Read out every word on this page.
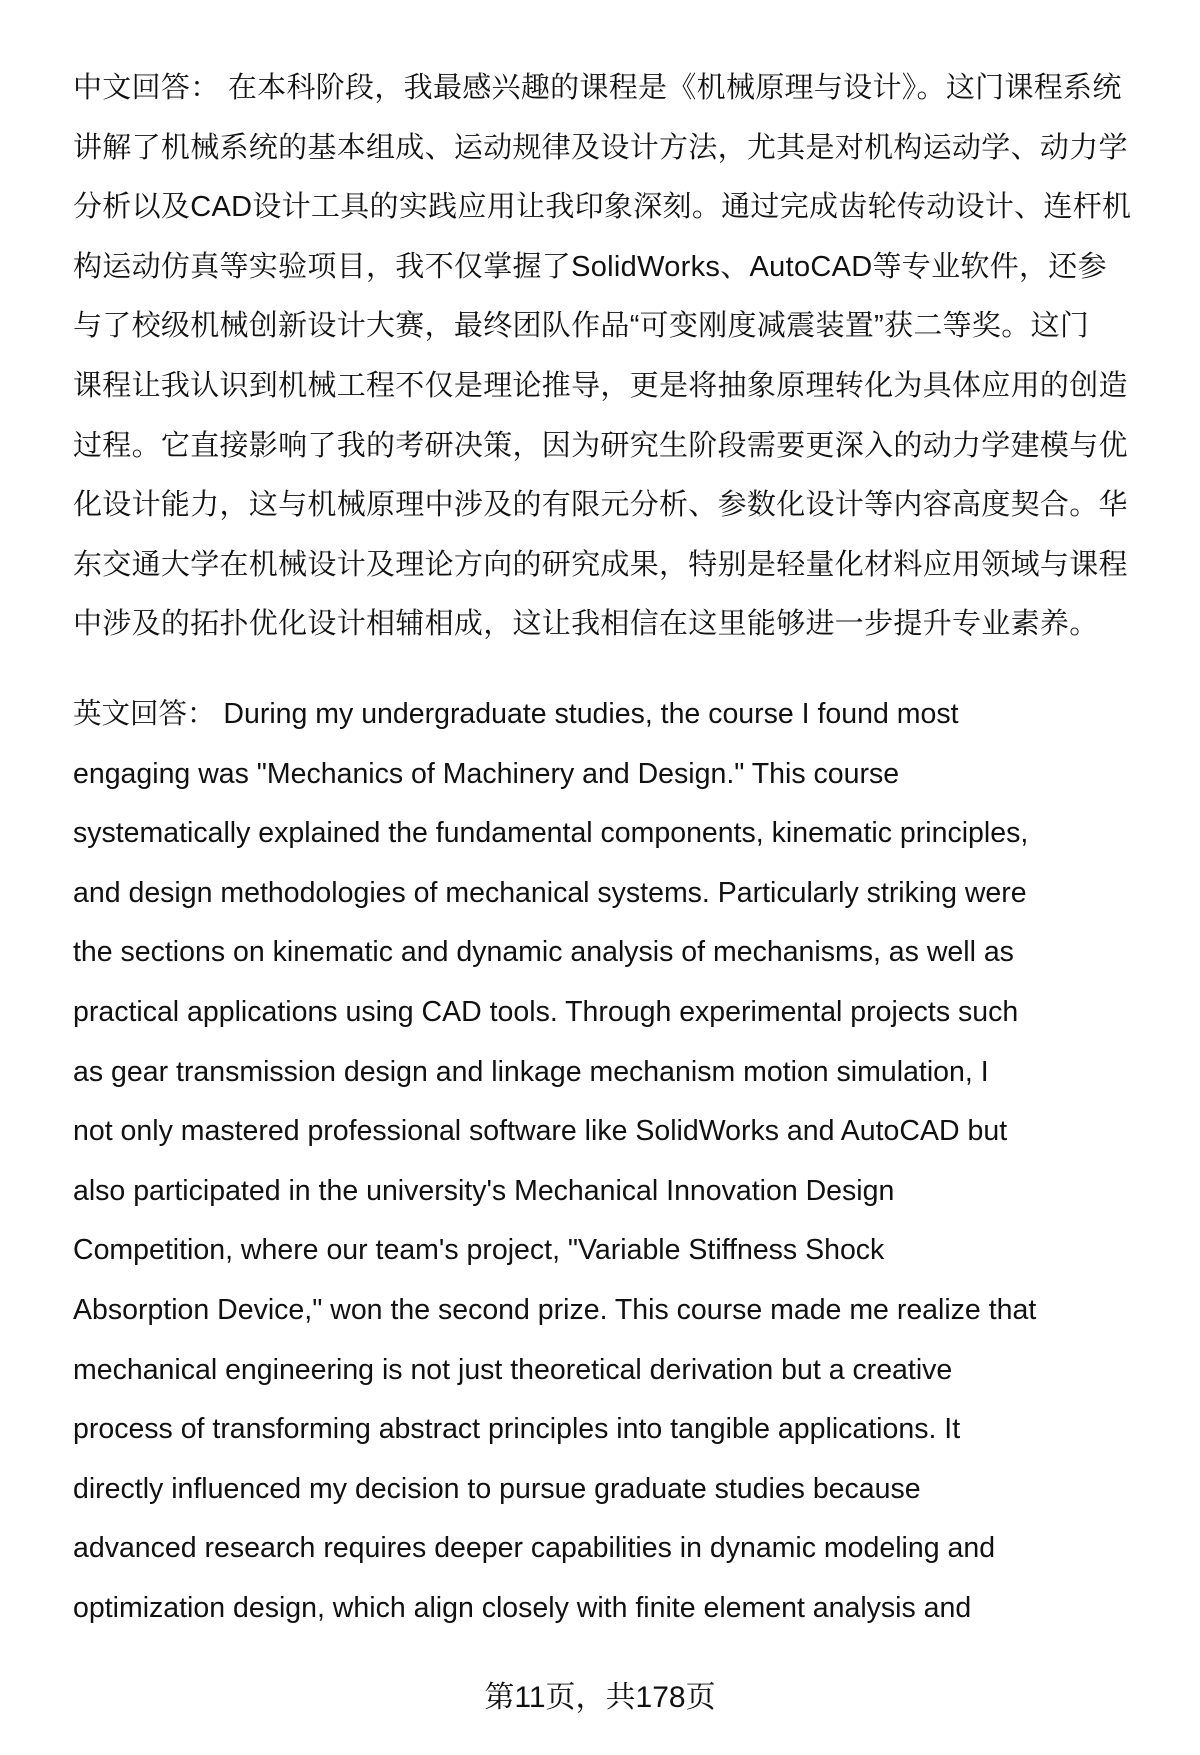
中文回答： 在本科阶段，我最感兴趣的课程是《机械原理与设计》。这门课程系统
讲解了机械系统的基本组成、运动规律及设计方法，尤其是对机构运动学、动力学
分析以及CAD设计工具的实践应用让我印象深刻。通过完成齿轮传动设计、连杆机
构运动仿真等实验项目，我不仅掌握了SolidWorks、AutoCAD等专业软件，还参
与了校级机械创新设计大赛，最终团队作品“可变刚度减震装置”获二等奖。这门
课程让我认识到机械工程不仅是理论推导，更是将抽象原理转化为具体应用的创造
过程。它直接影响了我的考研决策，因为研究生阶段需要更深入的动力学建模与优
化设计能力，这与机械原理中涉及的有限元分析、参数化设计等内容高度契合。华
东交通大学在机械设计及理论方向的研究成果，特别是轻量化材料应用领域与课程
中涉及的拓扑优化设计相辅相成，这让我相信在这里能够进一步提升专业素养。
英文回答： During my undergraduate studies, the course I found most
engaging was "Mechanics of Machinery and Design." This course
systematically explained the fundamental components, kinematic principles,
and design methodologies of mechanical systems. Particularly striking were
the sections on kinematic and dynamic analysis of mechanisms, as well as
practical applications using CAD tools. Through experimental projects such
as gear transmission design and linkage mechanism motion simulation, I
not only mastered professional software like SolidWorks and AutoCAD but
also participated in the university's Mechanical Innovation Design
Competition, where our team's project, "Variable Stiffness Shock
Absorption Device," won the second prize. This course made me realize that
mechanical engineering is not just theoretical derivation but a creative
process of transforming abstract principles into tangible applications. It
directly influenced my decision to pursue graduate studies because
advanced research requires deeper capabilities in dynamic modeling and
optimization design, which align closely with finite element analysis and
第11页，共178页
